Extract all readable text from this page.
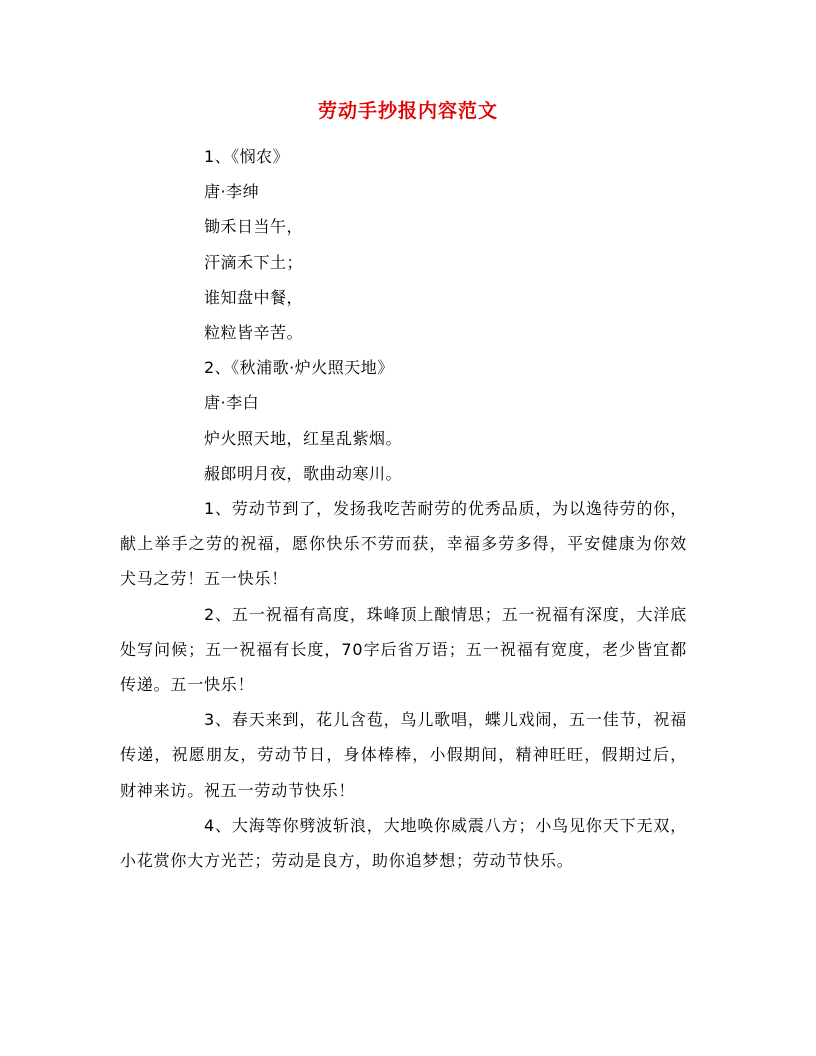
劳动手抄报内容范文

1、《悯农》

唐·李绅

锄禾日当午，

汗滴禾下土；

谁知盘中餐，

粒粒皆辛苦。

2、《秋浦歌·炉火照天地》

唐·李白

炉火照天地，红星乱紫烟。

赧郎明月夜，歌曲动寒川。

1、劳动节到了，发扬我吃苦耐劳的优秀品质，为以逸待劳的你，献上举手之劳的祝福，愿你快乐不劳而获，幸福多劳多得，平安健康为你效犬马之劳！五一快乐！

2、五一祝福有高度，珠峰顶上酿情思；五一祝福有深度，大洋底处写问候；五一祝福有长度，70字后省万语；五一祝福有宽度，老少皆宜都传递。五一快乐！

3、春天来到，花儿含苞，鸟儿歌唱，蝶儿戏闹，五一佳节，祝福传递，祝愿朋友，劳动节日，身体棒棒，小假期间，精神旺旺，假期过后，财神来访。祝五一劳动节快乐！

4、大海等你劈波斩浪，大地唤你威震八方；小鸟见你天下无双，小花赏你大方光芒；劳动是良方，助你追梦想；劳动节快乐。
